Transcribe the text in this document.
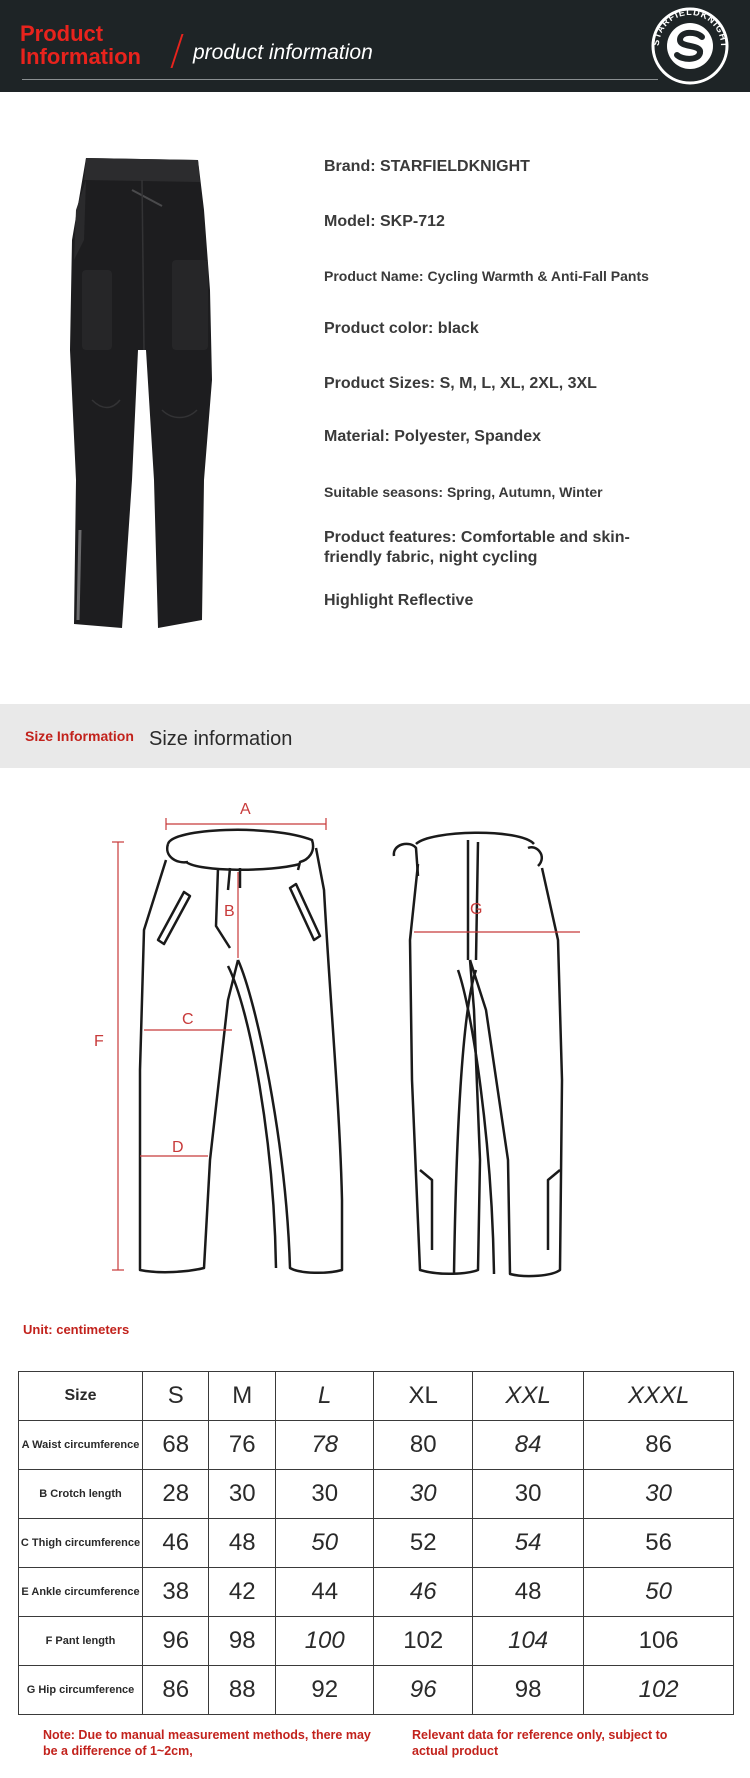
Product Information	product information	STARFIELDKNIGHT
Brand: STARFIELDKNIGHT
Model: SKP-712
Product Name: Cycling Warmth & Anti-Fall Pants
Product color: black
Product Sizes: S, M, L, XL, 2XL, 3XL
Material: Polyester, Spandex
Suitable seasons: Spring, Autumn, Winter
Product features: Comfortable and skin-friendly fabric, night cycling
Highlight Reflective
Size Information Size information
A
B
C
D
F
G
Unit: centimeters
Size	S	M	L	XL	XXL	XXXL
A Waist circumference	68	76	78	80	84	86
B Crotch length	28	30	30	30	30	30
C Thigh circumference	46	48	50	52	54	56
E Ankle circumference	38	42	44	46	48	50
F Pant length	96	98	100	102	104	106
G Hip circumference	86	88	92	96	98	102
Note: Due to manual measurement methods, there may be a difference of 1~2cm,
Relevant data for reference only, subject to actual product
